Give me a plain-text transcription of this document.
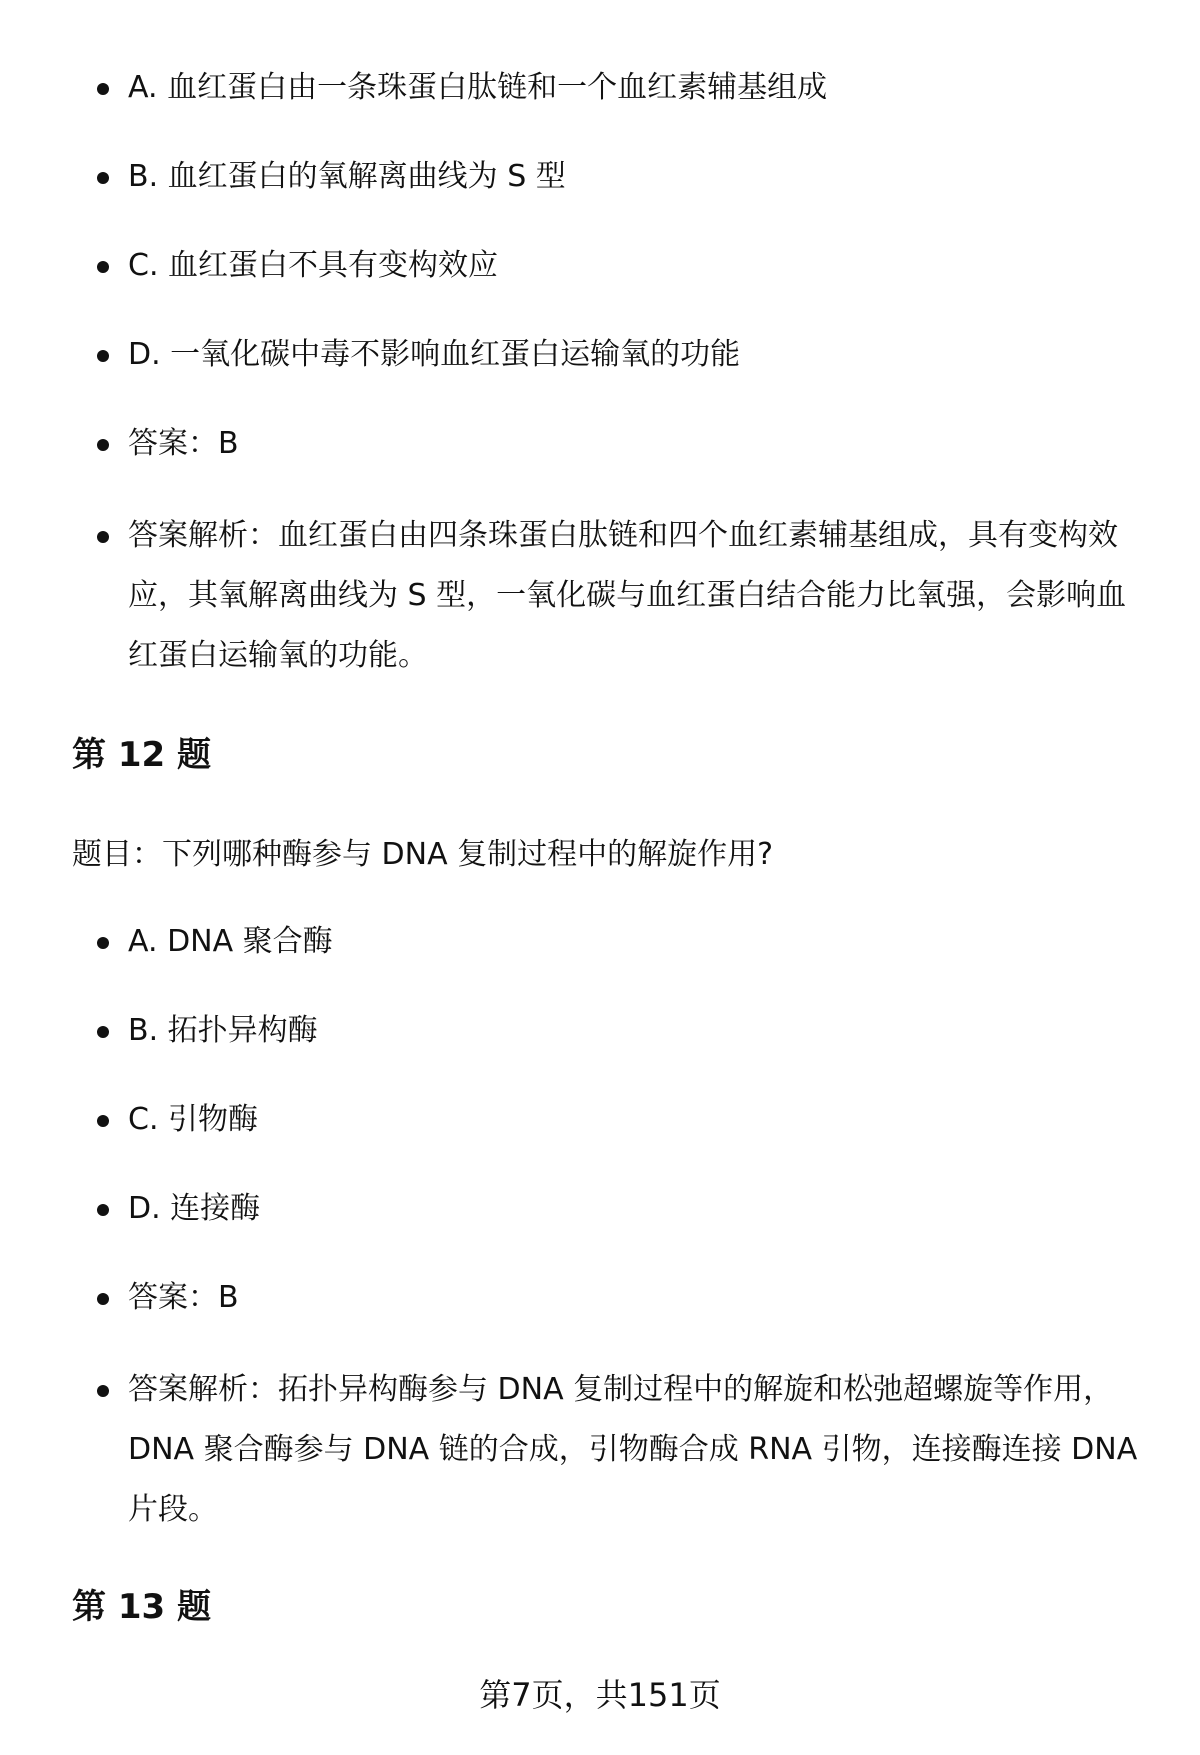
A. 血红蛋白由一条珠蛋白肽链和一个血红素辅基组成
B. 血红蛋白的氧解离曲线为 S 型
C. 血红蛋白不具有变构效应
D. 一氧化碳中毒不影响血红蛋白运输氧的功能
答案：B
答案解析：血红蛋白由四条珠蛋白肽链和四个血红素辅基组成，具有变构效应，其氧解离曲线为 S 型，一氧化碳与血红蛋白结合能力比氧强，会影响血红蛋白运输氧的功能。
第 12 题
题目：下列哪种酶参与 DNA 复制过程中的解旋作用?
A. DNA 聚合酶
B. 拓扑异构酶
C. 引物酶
D. 连接酶
答案：B
答案解析：拓扑异构酶参与 DNA 复制过程中的解旋和松弛超螺旋等作用，DNA 聚合酶参与 DNA 链的合成，引物酶合成 RNA 引物，连接酶连接 DNA 片段。
第 13 题
第7页，共151页
